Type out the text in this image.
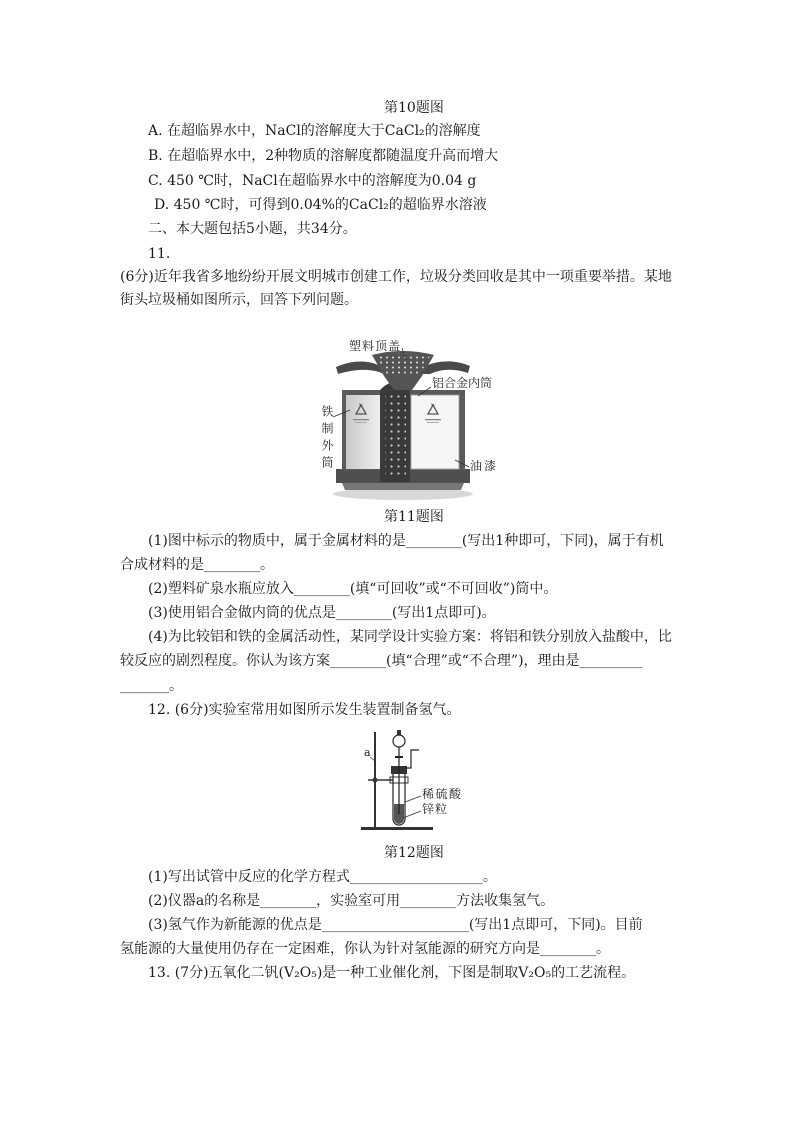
第10题图
A. 在超临界水中，NaCl的溶解度大于CaCl₂的溶解度
B. 在超临界水中，2种物质的溶解度都随温度升高而增大
C. 450 ℃时，NaCl在超临界水中的溶解度为0.04 g
D. 450 ℃时，可得到0.04%的CaCl₂的超临界水溶液
二、本大题包括5小题，共34分。
11.
(6分)近年我省多地纷纷开展文明城市创建工作，垃圾分类回收是其中一项重要举措。某地
街头垃圾桶如图所示，回答下列问题。
塑料顶盖
铝合金内筒
铁制外筒	油漆
第11题图
(1)图中标示的物质中，属于金属材料的是________(写出1种即可，下同)，属于有机
合成材料的是________。
(2)塑料矿泉水瓶应放入________(填“可回收”或“不可回收”)筒中。
(3)使用铝合金做内筒的优点是________(写出1点即可)。
(4)为比较铝和铁的金属活动性，某同学设计实验方案：将铝和铁分别放入盐酸中，比
较反应的剧烈程度。你认为该方案________(填“合理”或“不合理”)，理由是_________
_______。
12. (6分)实验室常用如图所示发生装置制备氢气。
a
稀硫酸
锌粒
第12题图
(1)写出试管中反应的化学方程式___________________。
(2)仪器a的名称是________，实验室可用________方法收集氢气。
(3)氢气作为新能源的优点是_____________________(写出1点即可，下同)。目前
氢能源的大量使用仍存在一定困难，你认为针对氢能源的研究方向是________。
13. (7分)五氧化二钒(V₂O₅)是一种工业催化剂，下图是制取V₂O₅的工艺流程。
